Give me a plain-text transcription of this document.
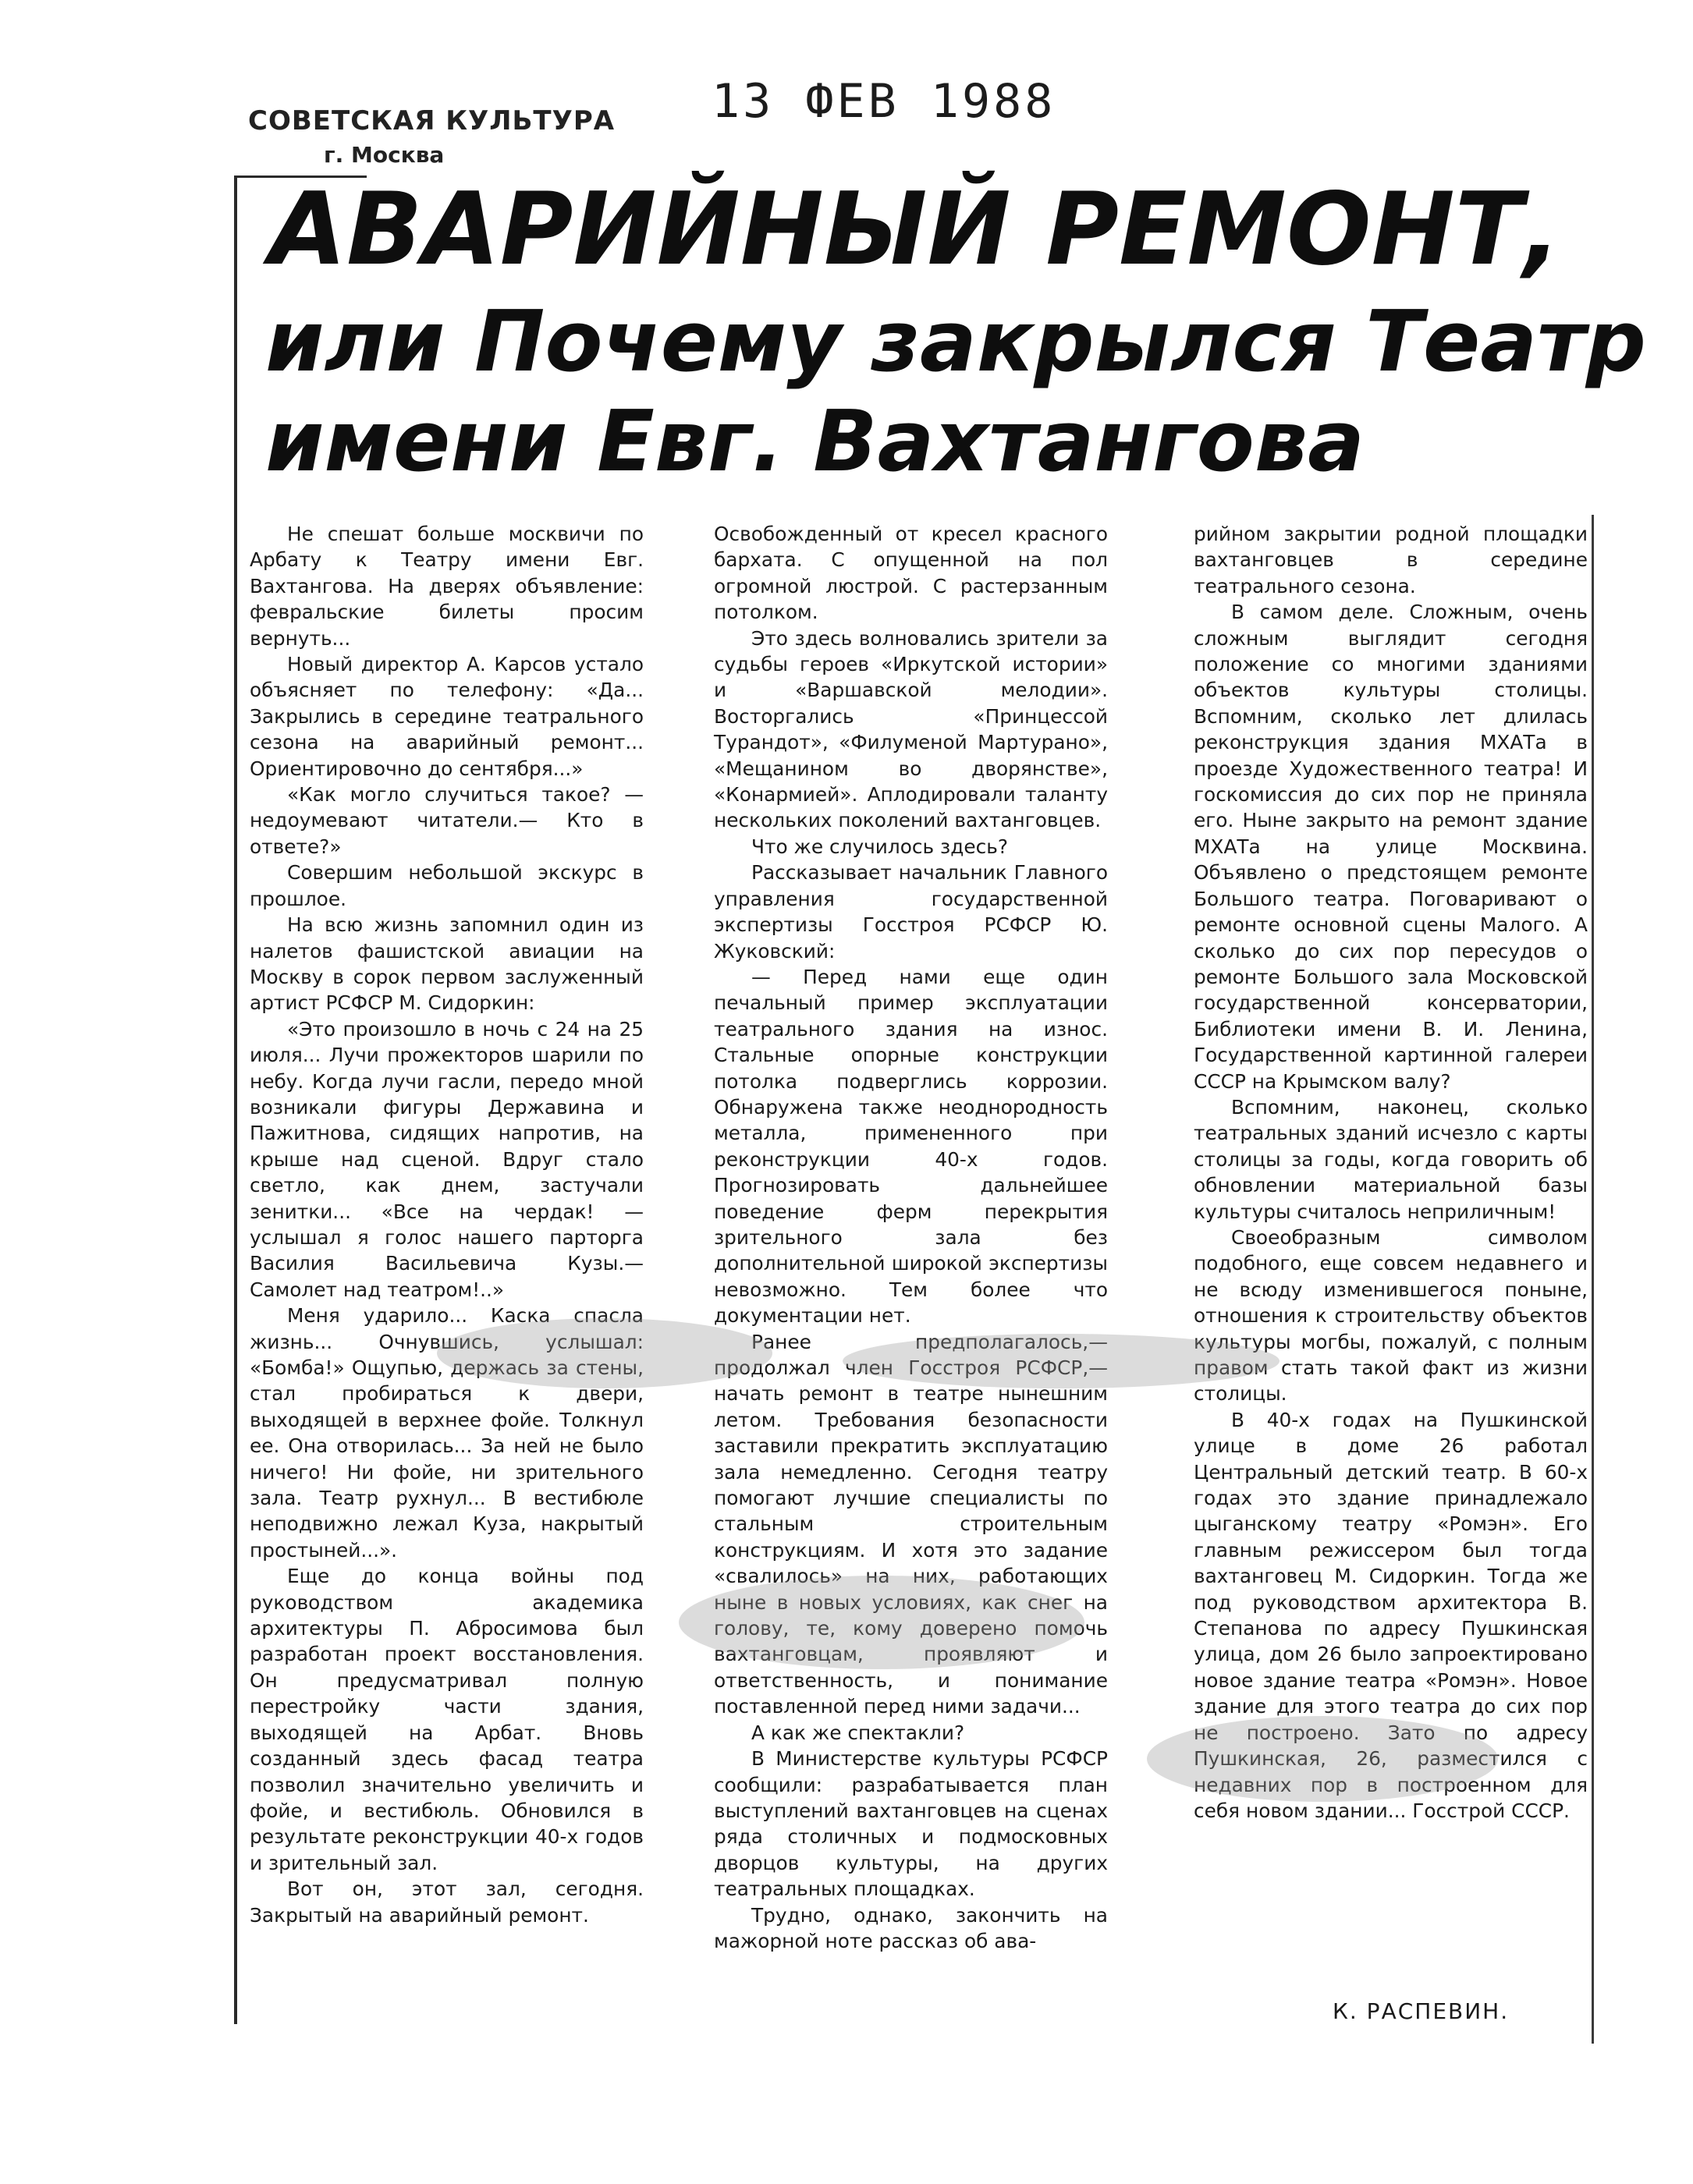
СОВЕТСКАЯ КУЛЬТУРА
г. Москва
13 ФЕВ 1988
АВАРИЙНЫЙ РЕМОНТ,
или Почему закрылся Театр
имени Евг. Вахтангова

Не спешат больше москвичи по Арбату к Театру имени Евг. Вахтангова. На дверях объявление: февральские билеты просим вернуть...

Новый директор А. Карсов устало объясняет по телефону: «Да... Закрылись в середине театрального сезона на аварийный ремонт... Ориентировочно до сентября...»

«Как могло случиться такое? — недоумевают читатели.— Кто в ответе?»

Совершим небольшой экскурс в прошлое.

На всю жизнь запомнил один из налетов фашистской авиации на Москву в сорок первом заслуженный артист РСФСР М. Сидоркин:

«Это произошло в ночь с 24 на 25 июля... Лучи прожекторов шарили по небу. Когда лучи гасли, передо мной возникали фигуры Державина и Пажитнова, сидящих напротив, на крыше над сценой. Вдруг стало светло, как днем, застучали зенитки... «Все на чердак! — услышал я голос нашего парторга Василия Васильевича Кузы.— Самолет над театром!..»

Меня ударило... Каска спасла жизнь... Очнувшись, услышал: «Бомба!» Ощупью, держась за стены, стал пробираться к двери, выходящей в верхнее фойе. Толкнул ее. Она отворилась... За ней не было ничего! Ни фойе, ни зрительного зала. Театр рухнул... В вестибюле неподвижно лежал Куза, накрытый простыней...».

Еще до конца войны под руководством академика архитектуры П. Абросимова был разработан проект восстановления. Он предусматривал полную перестройку части здания, выходящей на Арбат. Вновь созданный здесь фасад театра позволил значительно увеличить и фойе, и вестибюль. Обновился в результате реконструкции 40-х годов и зрительный зал.

Вот он, этот зал, сегодня. Закрытый на аварийный ремонт.

Освобожденный от кресел красного бархата. С опущенной на пол огромной люстрой. С растерзанным потолком.

Это здесь волновались зрители за судьбы героев «Иркутской истории» и «Варшавской мелодии». Восторгались «Принцессой Турандот», «Филуменой Мартурано», «Мещанином во дворянстве», «Конармией». Аплодировали таланту нескольких поколений вахтанговцев.

Что же случилось здесь?

Рассказывает начальник Главного управления государственной экспертизы Госстроя РСФСР Ю. Жуковский:

— Перед нами еще один печальный пример эксплуатации театрального здания на износ. Стальные опорные конструкции потолка подверглись коррозии. Обнаружена также неоднородность металла, примененного при реконструкции 40-х годов. Прогнозировать дальнейшее поведение ферм перекрытия зрительного зала без дополнительной широкой экспертизы невозможно. Тем более что документации нет.

Ранее предполагалось,— продолжал член Госстроя РСФСР,— начать ремонт в театре нынешним летом. Требования безопасности заставили прекратить эксплуатацию зала немедленно. Сегодня театру помогают лучшие специалисты по стальным строительным конструкциям. И хотя это задание «свалилось» на них, работающих ныне в новых условиях, как снег на голову, те, кому доверено помочь вахтанговцам, проявляют и ответственность, и понимание поставленной перед ними задачи...

А как же спектакли?

В Министерстве культуры РСФСР сообщили: разрабатывается план выступлений вахтанговцев на сценах ряда столичных и подмосковных дворцов культуры, на других театральных площадках.

Трудно, однако, закончить на мажорной ноте рассказ об ава-

рийном закрытии родной площадки вахтанговцев в середине театрального сезона.

В самом деле. Сложным, очень сложным выглядит сегодня положение со многими зданиями объектов культуры столицы. Вспомним, сколько лет длилась реконструкция здания МХАТа в проезде Художественного театра! И госкомиссия до сих пор не приняла его. Ныне закрыто на ремонт здание МХАТа на улице Москвина. Объявлено о предстоящем ремонте Большого театра. Поговаривают о ремонте основной сцены Малого. А сколько до сих пор пересудов о ремонте Большого зала Московской государственной консерватории, Библиотеки имени В. И. Ленина, Государственной картинной галереи СССР на Крымском валу?

Вспомним, наконец, сколько театральных зданий исчезло с карты столицы за годы, когда говорить об обновлении материальной базы культуры считалось неприличным!

Своеобразным символом подобного, еще совсем недавнего и не всюду изменившегося поныне, отношения к строительству объектов культуры могбы, пожалуй, с полным правом стать такой факт из жизни столицы.

В 40-х годах на Пушкинской улице в доме 26 работал Центральный детский театр. В 60-х годах это здание принадлежало цыганскому театру «Ромэн». Его главным режиссером был тогда вахтанговец М. Сидоркин. Тогда же под руководством архитектора В. Степанова по адресу Пушкинская улица, дом 26 было запроектировано новое здание театра «Ромэн». Новое здание для этого театра до сих пор не построено. Зато по адресу Пушкинская, 26, разместился с недавних пор в построенном для себя новом здании... Госстрой СССР.

К. РАСПЕВИН.
